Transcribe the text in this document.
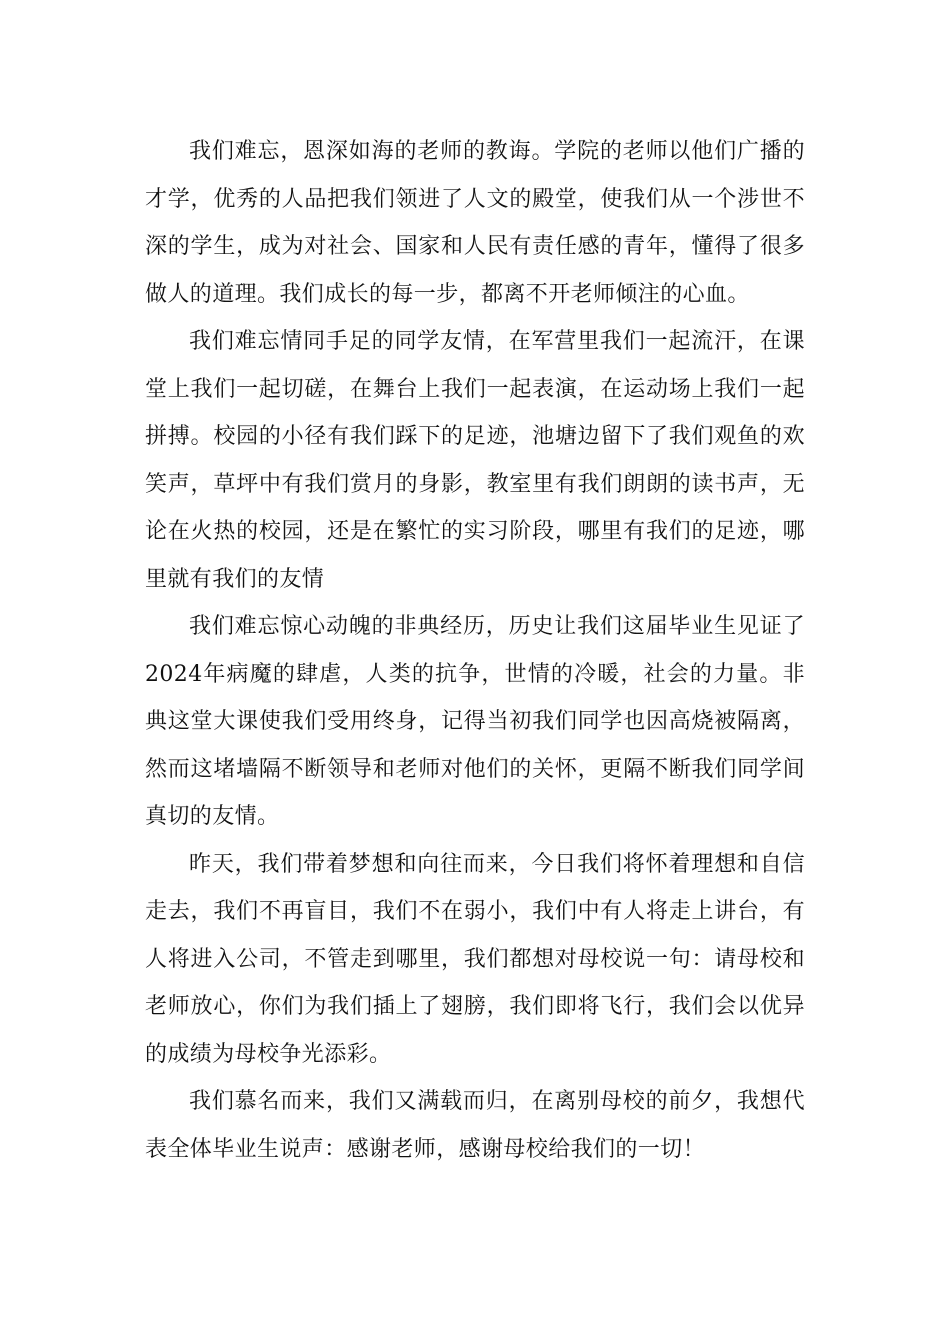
我们难忘，恩深如海的老师的教诲。学院的老师以他们广播的才学，优秀的人品把我们领进了人文的殿堂，使我们从一个涉世不深的学生，成为对社会、国家和人民有责任感的青年，懂得了很多做人的道理。我们成长的每一步，都离不开老师倾注的心血。

我们难忘情同手足的同学友情，在军营里我们一起流汗，在课堂上我们一起切磋，在舞台上我们一起表演，在运动场上我们一起拼搏。校园的小径有我们踩下的足迹，池塘边留下了我们观鱼的欢笑声，草坪中有我们赏月的身影，教室里有我们朗朗的读书声，无论在火热的校园，还是在繁忙的实习阶段，哪里有我们的足迹，哪里就有我们的友情

我们难忘惊心动魄的非典经历，历史让我们这届毕业生见证了2024年病魔的肆虐，人类的抗争，世情的冷暖，社会的力量。非典这堂大课使我们受用终身，记得当初我们同学也因高烧被隔离，然而这堵墙隔不断领导和老师对他们的关怀，更隔不断我们同学间真切的友情。

昨天，我们带着梦想和向往而来，今日我们将怀着理想和自信走去，我们不再盲目，我们不在弱小，我们中有人将走上讲台，有人将进入公司，不管走到哪里，我们都想对母校说一句：请母校和老师放心，你们为我们插上了翅膀，我们即将飞行，我们会以优异的成绩为母校争光添彩。

我们慕名而来，我们又满载而归，在离别母校的前夕，我想代表全体毕业生说声：感谢老师，感谢母校给我们的一切！
